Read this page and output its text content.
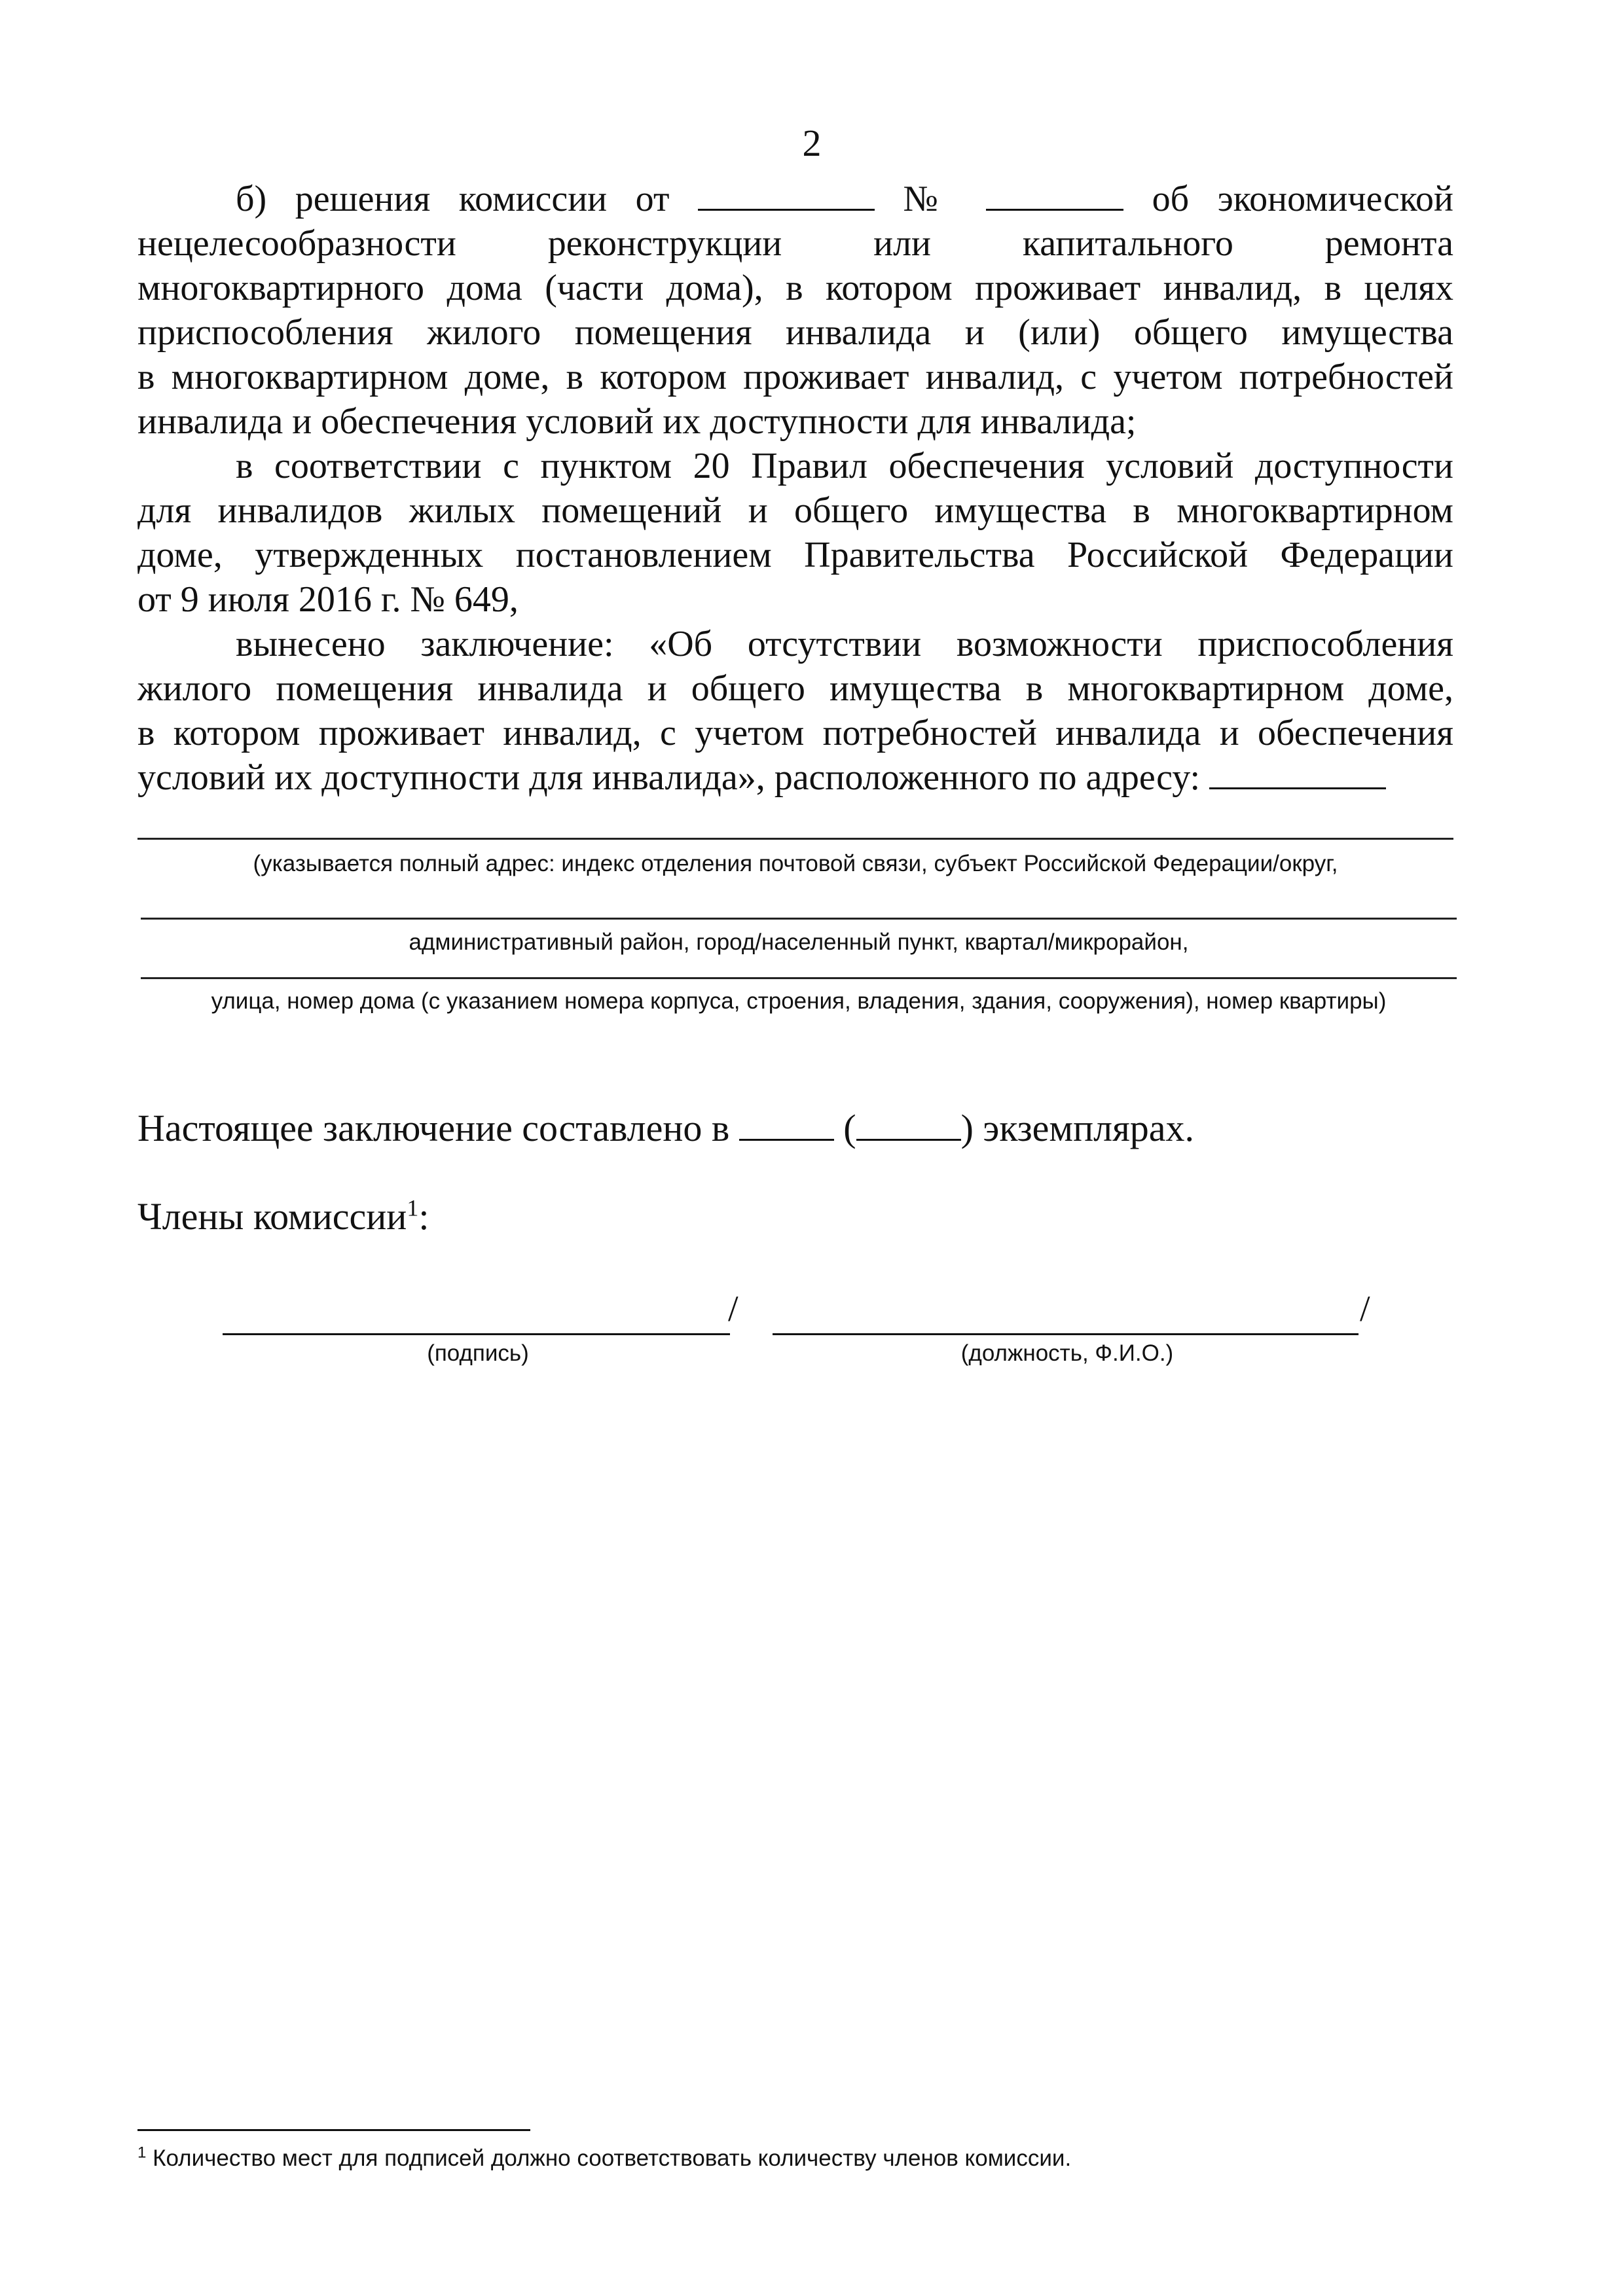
2
б) решения комиссии от	№	об экономической
нецелесообразности реконструкции или капитального ремонта
многоквартирного дома (части дома), в котором проживает инвалид, в целях
приспособления жилого помещения инвалида и (или) общего имущества
в многоквартирном доме, в котором проживает инвалид, с учетом потребностей
инвалида и обеспечения условий их доступности для инвалида;
в соответствии с пунктом 20 Правил обеспечения условий доступности
для инвалидов жилых помещений и общего имущества в многоквартирном
доме, утвержденных постановлением Правительства Российской Федерации
от 9 июля 2016 г. № 649,
вынесено заключение: «Об отсутствии возможности приспособления
жилого помещения инвалида и общего имущества в многоквартирном доме,
в котором проживает инвалид, с учетом потребностей инвалида и обеспечения
условий их доступности для инвалида», расположенного по адресу:
(указывается полный адрес: индекс отделения почтовой связи, субъект Российской Федерации/округ,
административный район, город/населенный пункт, квартал/микрорайон,
улица, номер дома (с указанием номера корпуса, строения, владения, здания, сооружения), номер квартиры)
Настоящее заключение составлено в	(	) экземплярах.
Члены комиссии$^1$:
/	/
(подпись)	(должность, Ф.И.О.)
$^1$ Количество мест для подписей должно соответствовать количеству членов комиссии.
